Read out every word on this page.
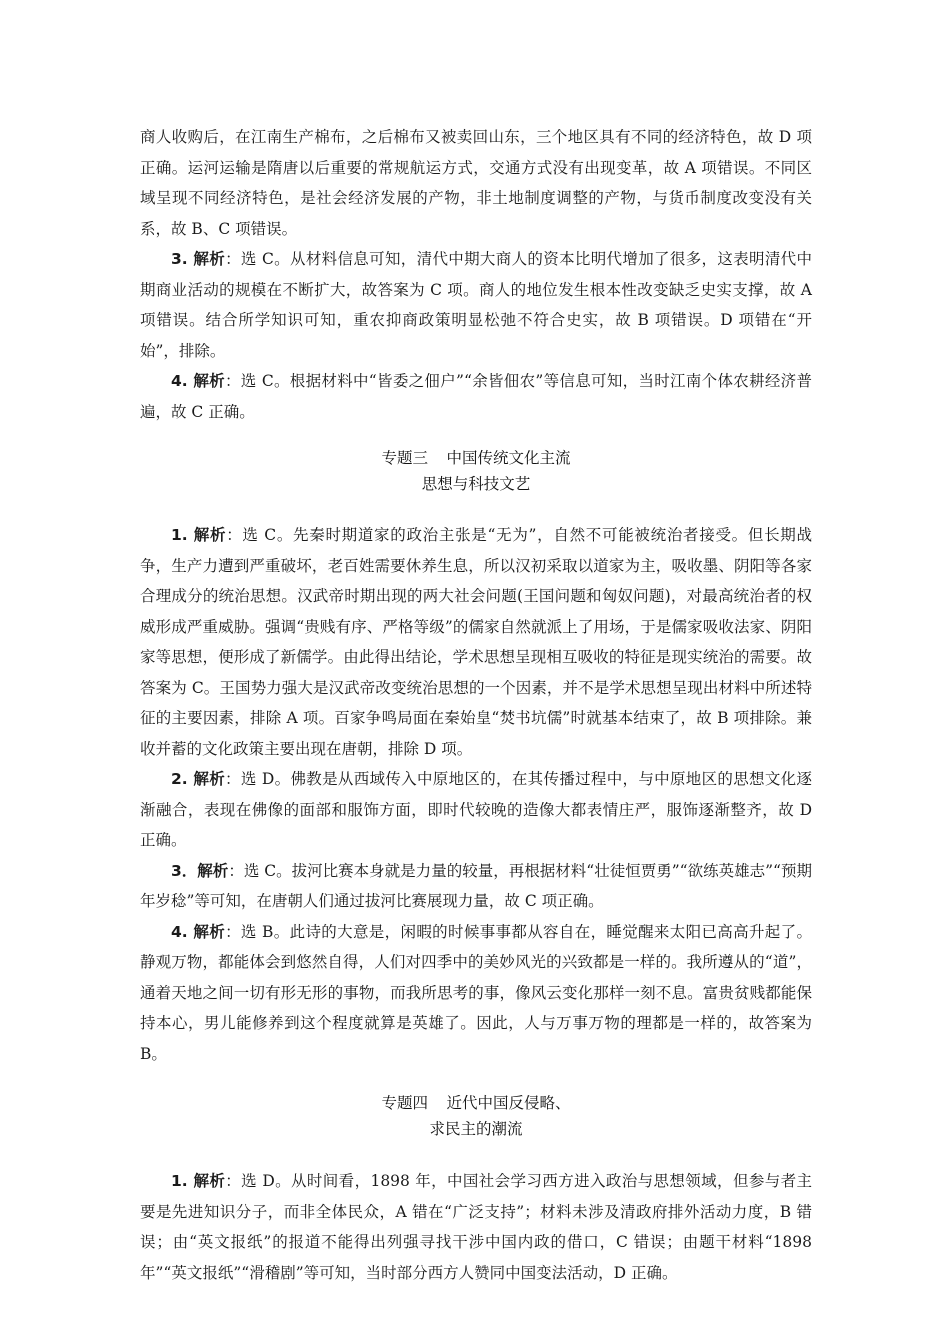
商人收购后，在江南生产棉布，之后棉布又被卖回山东，三个地区具有不同的经济特色，故 D 项正确。运河运输是隋唐以后重要的常规航运方式，交通方式没有出现变革，故 A 项错误。不同区域呈现不同经济特色，是社会经济发展的产物，非土地制度调整的产物，与货币制度改变没有关系，故 B、C 项错误。

3. 解析：选 C。从材料信息可知，清代中期大商人的资本比明代增加了很多，这表明清代中期商业活动的规模在不断扩大，故答案为 C 项。商人的地位发生根本性改变缺乏史实支撑，故 A 项错误。结合所学知识可知，重农抑商政策明显松弛不符合史实，故 B 项错误。D 项错在“开始”，排除。

4. 解析：选 C。根据材料中“皆委之佃户”“余皆佃农”等信息可知，当时江南个体农耕经济普遍，故 C 正确。

专题三 中国传统文化主流

思想与科技文艺

1. 解析：选 C。先秦时期道家的政治主张是“无为”，自然不可能被统治者接受。但长期战争，生产力遭到严重破坏，老百姓需要休养生息，所以汉初采取以道家为主，吸收墨、阴阳等各家合理成分的统治思想。汉武帝时期出现的两大社会问题(王国问题和匈奴问题)，对最高统治者的权威形成严重威胁。强调“贵贱有序、严格等级”的儒家自然就派上了用场，于是儒家吸收法家、阴阳家等思想，便形成了新儒学。由此得出结论，学术思想呈现相互吸收的特征是现实统治的需要。故答案为 C。王国势力强大是汉武帝改变统治思想的一个因素，并不是学术思想呈现出材料中所述特征的主要因素，排除 A 项。百家争鸣局面在秦始皇“焚书坑儒”时就基本结束了，故 B 项排除。兼收并蓄的文化政策主要出现在唐朝，排除 D 项。

2. 解析：选 D。佛教是从西域传入中原地区的，在其传播过程中，与中原地区的思想文化逐渐融合，表现在佛像的面部和服饰方面，即时代较晚的造像大都表情庄严，服饰逐渐整齐，故 D 正确。

3．解析：选 C。拔河比赛本身就是力量的较量，再根据材料“壮徒恒贾勇”“欲练英雄志”“预期年岁稔”等可知，在唐朝人们通过拔河比赛展现力量，故 C 项正确。

4. 解析：选 B。此诗的大意是，闲暇的时候事事都从容自在，睡觉醒来太阳已高高升起了。静观万物，都能体会到悠然自得，人们对四季中的美妙风光的兴致都是一样的。我所遵从的“道”，通着天地之间一切有形无形的事物，而我所思考的事，像风云变化那样一刻不息。富贵贫贱都能保持本心，男儿能修养到这个程度就算是英雄了。因此，人与万事万物的理都是一样的，故答案为 B。

专题四 近代中国反侵略、

求民主的潮流

1. 解析：选 D。从时间看，1898 年，中国社会学习西方进入政治与思想领域，但参与者主要是先进知识分子，而非全体民众，A 错在“广泛支持”；材料未涉及清政府排外活动力度，B 错误；由“英文报纸”的报道不能得出列强寻找干涉中国内政的借口，C 错误；由题干材料“1898 年”“英文报纸”“滑稽剧”等可知，当时部分西方人赞同中国变法活动，D 正确。
